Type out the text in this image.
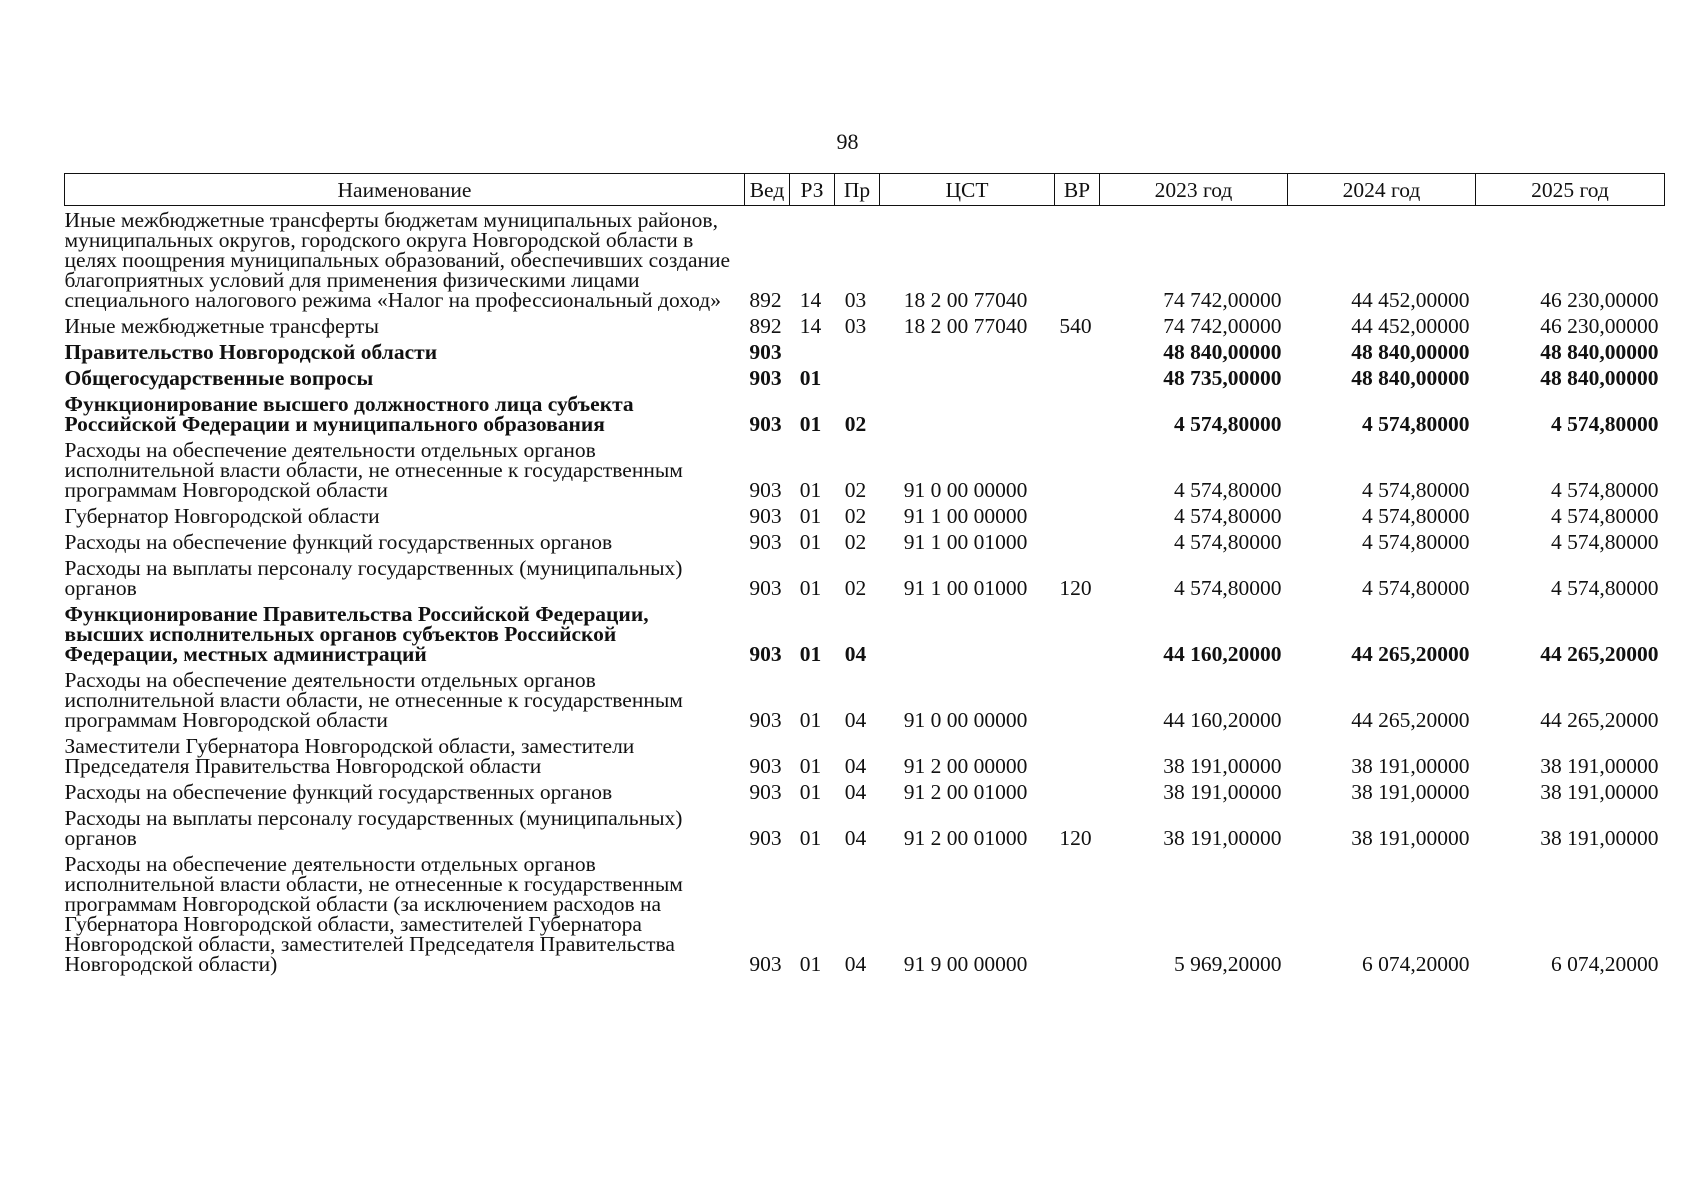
98
Наименование	Вед	РЗ	Пр	ЦСТ	ВР	2023 год	2024 год	2025 год
Иные межбюджетные трансферты бюджетам муниципальных районов, муниципальных округов, городского округа Новгородской области в целях поощрения муниципальных образований, обеспечивших создание благоприятных условий для применения физическими лицами специального налогового режима «Налог на профессиональный доход»	892	14	03	18 2 00 77040		74 742,00000	44 452,00000	46 230,00000
Иные межбюджетные трансферты	892	14	03	18 2 00 77040	540	74 742,00000	44 452,00000	46 230,00000
Правительство Новгородской области	903					48 840,00000	48 840,00000	48 840,00000
Общегосударственные вопросы	903	01				48 735,00000	48 840,00000	48 840,00000
Функционирование высшего должностного лица субъекта Российской Федерации и муниципального образования	903	01	02			4 574,80000	4 574,80000	4 574,80000
Расходы на обеспечение деятельности отдельных органов исполнительной власти области, не отнесенные к государственным программам Новгородской области	903	01	02	91 0 00 00000		4 574,80000	4 574,80000	4 574,80000
Губернатор Новгородской области	903	01	02	91 1 00 00000		4 574,80000	4 574,80000	4 574,80000
Расходы на обеспечение функций государственных органов	903	01	02	91 1 00 01000		4 574,80000	4 574,80000	4 574,80000
Расходы на выплаты персоналу государственных (муниципальных) органов	903	01	02	91 1 00 01000	120	4 574,80000	4 574,80000	4 574,80000
Функционирование Правительства Российской Федерации, высших исполнительных органов субъектов Российской Федерации, местных администраций	903	01	04			44 160,20000	44 265,20000	44 265,20000
Расходы на обеспечение деятельности отдельных органов исполнительной власти области, не отнесенные к государственным программам Новгородской области	903	01	04	91 0 00 00000		44 160,20000	44 265,20000	44 265,20000
Заместители Губернатора Новгородской области, заместители Председателя Правительства Новгородской области	903	01	04	91 2 00 00000		38 191,00000	38 191,00000	38 191,00000
Расходы на обеспечение функций государственных органов	903	01	04	91 2 00 01000		38 191,00000	38 191,00000	38 191,00000
Расходы на выплаты персоналу государственных (муниципальных) органов	903	01	04	91 2 00 01000	120	38 191,00000	38 191,00000	38 191,00000
Расходы на обеспечение деятельности отдельных органов исполнительной власти области, не отнесенные к государственным программам Новгородской области (за исключением расходов на Губернатора Новгородской области, заместителей Губернатора Новгородской области, заместителей Председателя Правительства Новгородской области)	903	01	04	91 9 00 00000		5 969,20000	6 074,20000	6 074,20000
